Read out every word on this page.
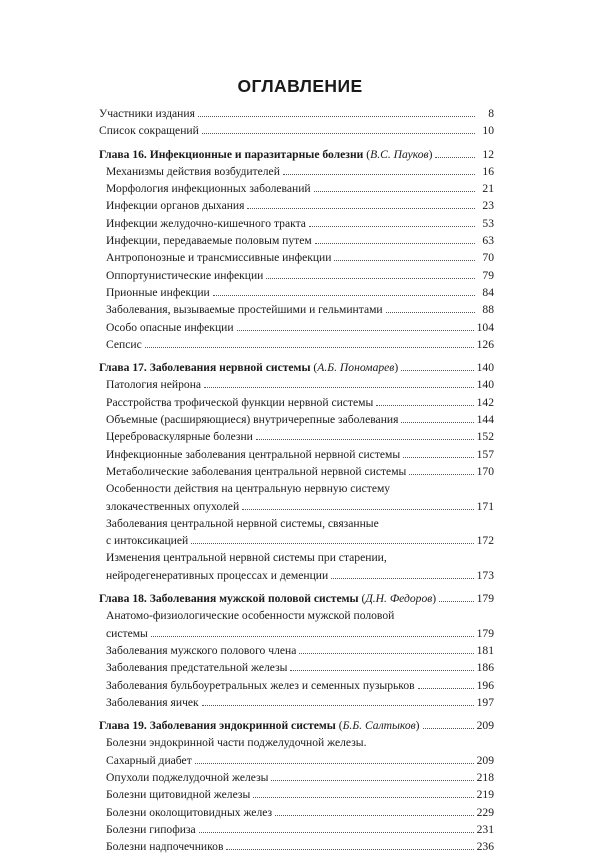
ОГЛАВЛЕНИЕ
Участники издания	8
Список сокращений	10
Глава 16. Инфекционные и паразитарные болезни (В.С. Пауков)	12
Механизмы действия возбудителей	16
Морфология инфекционных заболеваний	21
Инфекции органов дыхания	23
Инфекции желудочно-кишечного тракта	53
Инфекции, передаваемые половым путем	63
Антропонозные и трансмиссивные инфекции	70
Оппортунистические инфекции	79
Прионные инфекции	84
Заболевания, вызываемые простейшими и гельминтами	88
Особо опасные инфекции	104
Сепсис	126
Глава 17. Заболевания нервной системы (А.Б. Пономарев)	140
Патология нейрона	140
Расстройства трофической функции нервной системы	142
Объемные (расширяющиеся) внутричерепные заболевания	144
Цереброваскулярные болезни	152
Инфекционные заболевания центральной нервной системы	157
Метаболические заболевания центральной нервной системы	170
Особенности действия на центральную нервную систему
злокачественных опухолей	171
Заболевания центральной нервной системы, связанные
с интоксикацией	172
Изменения центральной нервной системы при старении,
нейродегенеративных процессах и деменции	173
Глава 18. Заболевания мужской половой системы (Д.Н. Федоров)	179
Анатомо-физиологические особенности мужской половой
системы	179
Заболевания мужского полового члена	181
Заболевания предстательной железы	186
Заболевания бульбоуретральных желез и семенных пузырьков	196
Заболевания яичек	197
Глава 19. Заболевания эндокринной системы (Б.Б. Салтыков)	209
Болезни эндокринной части поджелудочной железы.
Сахарный диабет	209
Опухоли поджелудочной железы	218
Болезни щитовидной железы	219
Болезни околощитовидных желез	229
Болезни гипофиза	231
Болезни надпочечников	236
